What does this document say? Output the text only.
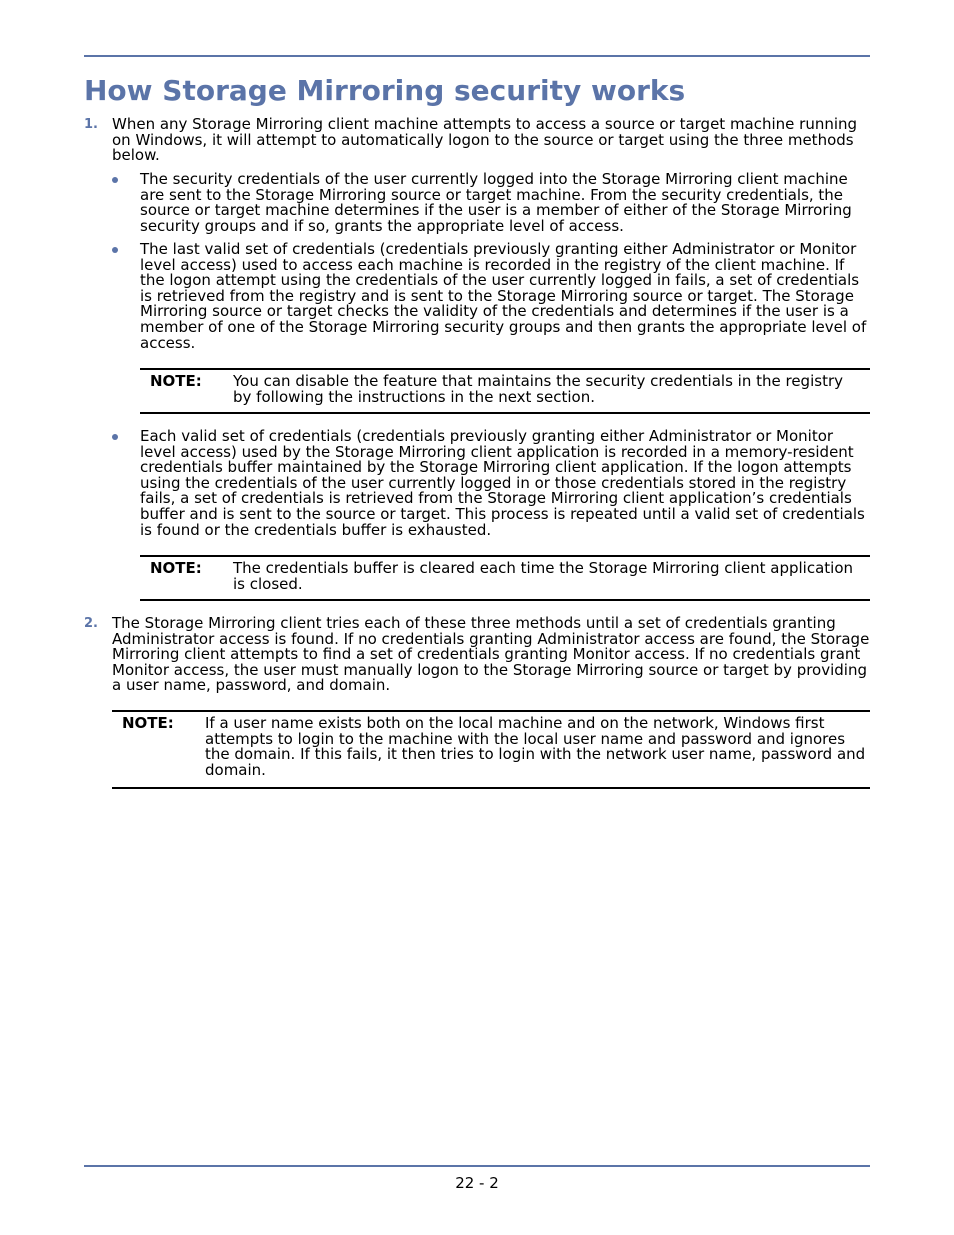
How Storage Mirroring security works
1. When any Storage Mirroring client machine attempts to access a source or target machine running on Windows, it will attempt to automatically logon to the source or target using the three methods below.
The security credentials of the user currently logged into the Storage Mirroring client machine are sent to the Storage Mirroring source or target machine. From the security credentials, the source or target machine determines if the user is a member of either of the Storage Mirroring security groups and if so, grants the appropriate level of access.
The last valid set of credentials (credentials previously granting either Administrator or Monitor level access) used to access each machine is recorded in the registry of the client machine. If the logon attempt using the credentials of the user currently logged in fails, a set of credentials is retrieved from the registry and is sent to the Storage Mirroring source or target. The Storage Mirroring source or target checks the validity of the credentials and determines if the user is a member of one of the Storage Mirroring security groups and then grants the appropriate level of access.
NOTE: You can disable the feature that maintains the security credentials in the registry by following the instructions in the next section.
Each valid set of credentials (credentials previously granting either Administrator or Monitor level access) used by the Storage Mirroring client application is recorded in a memory-resident credentials buffer maintained by the Storage Mirroring client application. If the logon attempts using the credentials of the user currently logged in or those credentials stored in the registry fails, a set of credentials is retrieved from the Storage Mirroring client application’s credentials buffer and is sent to the source or target. This process is repeated until a valid set of credentials is found or the credentials buffer is exhausted.
NOTE: The credentials buffer is cleared each time the Storage Mirroring client application is closed.
2. The Storage Mirroring client tries each of these three methods until a set of credentials granting Administrator access is found. If no credentials granting Administrator access are found, the Storage Mirroring client attempts to find a set of credentials granting Monitor access. If no credentials grant Monitor access, the user must manually logon to the Storage Mirroring source or target by providing a user name, password, and domain.
NOTE: If a user name exists both on the local machine and on the network, Windows first attempts to login to the machine with the local user name and password and ignores the domain. If this fails, it then tries to login with the network user name, password and domain.
22 - 2
